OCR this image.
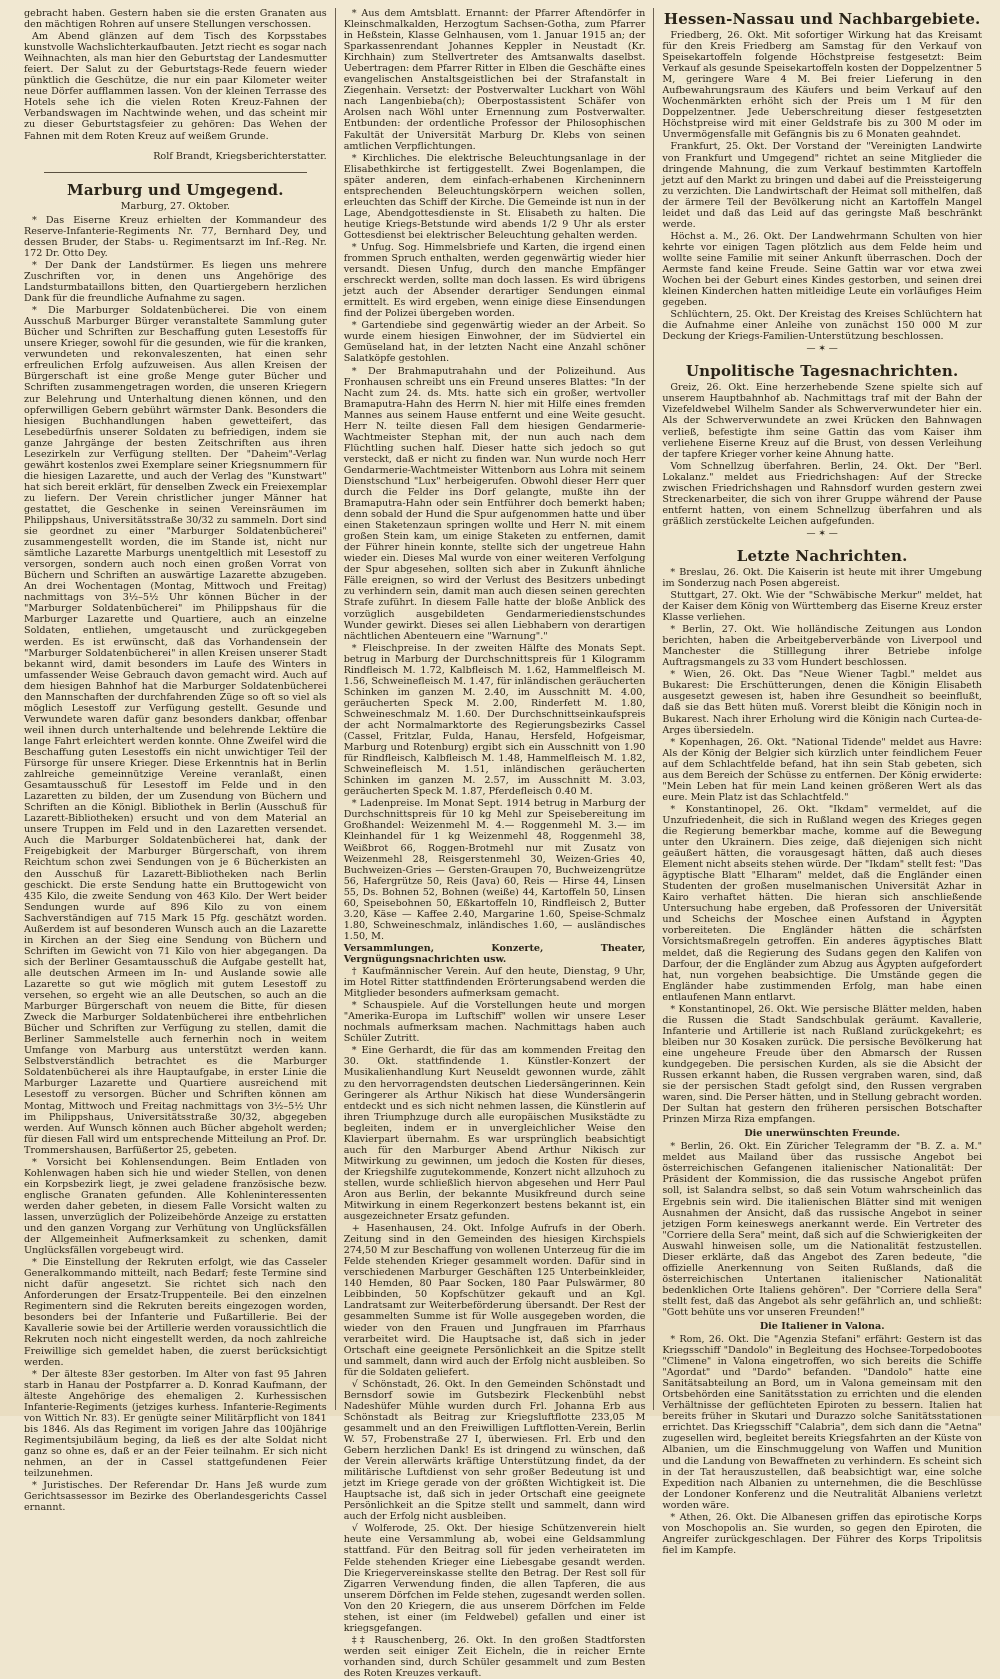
gebracht haben. Gestern haben sie die ersten Granaten aus den mächtigen Rohren auf unsere Stellungen verschossen.

Am Abend glänzen auf dem Tisch des Korpsstabes kunstvolle Wachslichterkaufbauten. Jetzt riecht es sogar nach Weihnachten, als man hier den Geburtstag der Landesmutter feiert. Der Salut zu der Geburtstags-Rede feuern wieder pünktlich die Geschütze, die nur ein paar Kilometer weiter neue Dörfer aufflammen lassen. Von der kleinen Terrasse des Hotels sehe ich die vielen Roten Kreuz-Fahnen der Verbandswagen im Nachtwinde wehen, und das scheint mir zu dieser Geburtstagsfeier zu gehören: Das Wehen der Fahnen mit dem Roten Kreuz auf weißem Grunde.

Rolf Brandt, Kriegsberichterstatter.

Marburg und Umgegend.
Marburg, 27. Oktober.

* Das Eiserne Kreuz erhielten der Kommandeur des Reserve-Infanterie-Regiments Nr. 77, Bernhard Dey, und dessen Bruder, der Stabs- u. Regimentsarzt im Inf.-Reg. Nr. 172 Dr. Otto Dey.

* Der Dank der Landstürmer. Es liegen uns mehrere Zuschriften vor, in denen uns Angehörige des Landsturmbataillons bitten, den Quartiergebern herzlichen Dank für die freundliche Aufnahme zu sagen.

* Die Marburger Soldatenbücherei. Die von einem Ausschuß Marburger Bürger veranstaltete Sammlung guter Bücher und Schriften zur Beschaffung guten Lesestoffs für unsere Krieger, sowohl für die gesunden, wie für die kranken, verwundeten und rekonvaleszenten, hat einen sehr erfreulichen Erfolg aufzuweisen. Aus allen Kreisen der Bürgerschaft ist eine große Menge guter Bücher und Schriften zusammengetragen worden, die unseren Kriegern zur Belehrung und Unterhaltung dienen können, und den opferwilligen Gebern gebührt wärmster Dank. Besonders die hiesigen Buchhandlungen haben gewetteifert, das Lesebedürfnis unserer Soldaten zu befriedigen, indem sie ganze Jahrgänge der besten Zeitschriften aus ihren Lesezirkeln zur Verfügung stellten. Der "Daheim"-Verlag gewährt kostenlos zwei Exemplare seiner Kriegsnummern für die hiesigen Lazarette, und auch der Verlag des "Kunstwart" hat sich bereit erklärt, für denselben Zweck ein Freiexemplar zu liefern. Der Verein christlicher junger Männer hat gestattet, die Geschenke in seinen Vereinsräumen im Philippshaus, Universitätsstraße 30/32 zu sammeln. Dort sind sie geordnet zu einer "Marburger Soldatenbücherei" zusammengestellt worden, die im Stande ist, nicht nur sämtliche Lazarette Marburgs unentgeltlich mit Lesestoff zu versorgen, sondern auch noch einen großen Vorrat von Büchern und Schriften an auswärtige Lazarette abzugeben. An drei Wochentagen (Montag, Mittwoch und Freitag) nachmittags von 3½–5½ Uhr können Bücher in der "Marburger Soldatenbücherei" im Philippshaus für die Marburger Lazarette und Quartiere, auch an einzelne Soldaten, entliehen, umgetauscht und zurückgegeben werden. Es ist erwünscht, daß das Vorhandensein der "Marburger Soldatenbücherei" in allen Kreisen unserer Stadt bekannt wird, damit besonders im Laufe des Winters in umfassender Weise Gebrauch davon gemacht wird. Auch auf dem hiesigen Bahnhof hat die Marburger Soldatenbücherei den Mannschaften der durchfahrenden Züge so oft so viel als möglich Lesestoff zur Verfügung gestellt. Gesunde und Verwundete waren dafür ganz besonders dankbar, offenbar weil ihnen durch unterhaltende und belehrende Lektüre die lange Fahrt erleichtert werden konnte. Ohne Zweifel wird die Beschaffung guten Lesestoffs ein nicht unwichtiger Teil der Fürsorge für unsere Krieger. Diese Erkenntnis hat in Berlin zahlreiche gemeinnützige Vereine veranlaßt, einen Gesamtausschuß für Lesestoff im Felde und in den Lazaretten zu bilden, der um Zusendung von Büchern und Schriften an die Königl. Bibliothek in Berlin (Ausschuß für Lazarett-Bibliotheken) ersucht und von dem Material an unsere Truppen im Feld und in den Lazaretten versendet. Auch die Marburger Soldatenbücherei hat, dank der Freigebigkeit der Marburger Bürgerschaft, von ihrem Reichtum schon zwei Sendungen von je 6 Bücherkisten an den Ausschuß für Lazarett-Bibliotheken nach Berlin geschickt. Die erste Sendung hatte ein Bruttogewicht von 435 Kilo, die zweite Sendung von 463 Kilo. Der Wert beider Sendungen wurde auf 896 Kilo zu von einem Sachverständigen auf 715 Mark 15 Pfg. geschätzt worden. Außerdem ist auf besonderen Wunsch auch an die Lazarette in Kirchen an der Sieg eine Sendung von Büchern und Schriften im Gewicht von 71 Kilo von hier abgegangen. Da sich der Berliner Gesamtausschuß die Aufgabe gestellt hat, alle deutschen Armeen im In- und Auslande sowie alle Lazarette so gut wie möglich mit gutem Lesestoff zu versehen, so ergeht wie an alle Deutschen, so auch an die Marburger Bürgerschaft von neuem die Bitte, für diesen Zweck die Marburger Soldatenbücherei ihre entbehrlichen Bücher und Schriften zur Verfügung zu stellen, damit die Berliner Sammelstelle auch fernerhin noch in weitem Umfange von Marburg aus unterstützt werden kann. Selbstverständlich betrachtet es die Marburger Soldatenbücherei als ihre Hauptaufgabe, in erster Linie die Marburger Lazarette und Quartiere ausreichend mit Lesestoff zu versorgen. Bücher und Schriften können am Montag, Mittwoch und Freitag nachmittags von 3½–5½ Uhr im Philippshaus, Universitätsstraße 30/32, abgegeben werden. Auf Wunsch können auch Bücher abgeholt werden; für diesen Fall wird um entsprechende Mitteilung an Prof. Dr. Trommershausen, Barfüßertor 25, gebeten.

* Vorsicht bei Kohlensendungen. Beim Entladen von Kohlenwagen haben sich hie und wieder Stellen, von denen ein Korpsbezirk liegt, je zwei geladene französische bezw. englische Granaten gefunden. Alle Kohleninteressenten werden daher gebeten, in diesem Falle Vorsicht walten zu lassen, unverzüglich der Polizeibehörde Anzeige zu erstatten und den ganzen Vorgang zur Verhütung von Unglücksfällen der Allgemeinheit Aufmerksamkeit zu schenken, damit Unglücksfällen vorgebeugt wird.

* Die Einstellung der Rekruten erfolgt, wie das Casseler Generalkommando mitteilt, nach Bedarf; feste Termine sind nicht dafür angesetzt. Sie richtet sich nach den Anforderungen der Ersatz-Truppenteile. Bei den einzelnen Regimentern sind die Rekruten bereits eingezogen worden, besonders bei der Infanterie und Fußartillerie. Bei der Kavallerie sowie bei der Artillerie werden voraussichtlich die Rekruten noch nicht eingestellt werden, da noch zahlreiche Freiwillige sich gemeldet haben, die zuerst berücksichtigt werden.

* Der älteste 83er gestorben. Im Alter von fast 95 Jahren starb in Hanau der Postpfarrer a. D. Konrad Kaufmann, der älteste Angehörige des ehemaligen 2. Kurhessischen Infanterie-Regiments (jetziges kurhess. Infanterie-Regiments von Wittich Nr. 83). Er genügte seiner Militärpflicht von 1841 bis 1846. Als das Regiment im vorigen Jahre das 100jährige Regimentsjubiläum beging, da ließ es der alte Soldat nicht ganz so ohne es, daß er an der Feier teilnahm. Er sich nicht nehmen, an der in Cassel stattgefundenen Feier teilzunehmen.

* Juristisches. Der Referendar Dr. Hans Jeß wurde zum Gerichtsassessor im Bezirke des Oberlandesgerichts Cassel ernannt.

* Aus dem Amtsblatt. Ernannt: der Pfarrer Aftendörfer in Kleinschmalkalden, Herzogtum Sachsen-Gotha, zum Pfarrer in Heßstein, Klasse Gelnhausen, vom 1. Januar 1915 an; der Sparkassenrendant Johannes Keppler in Neustadt (Kr. Kirchhain) zum Stellvertreter des Amtsanwalts daselbst. Uebertragen: dem Pfarrer Ritter in Elben die Geschäfte eines evangelischen Anstaltsgeistlichen bei der Strafanstalt in Ziegenhain. Versetzt: der Postverwalter Luckhart von Wöhl nach Langenbieba(ch); Oberpostassistent Schäfer von Arolsen nach Wöhl unter Ernennung zum Postverwalter. Entbunden: der ordentliche Professor der Philosophischen Fakultät der Universität Marburg Dr. Klebs von seinen amtlichen Verpflichtungen.

* Kirchliches. Die elektrische Beleuchtungsanlage in der Elisabethkirche ist fertiggestellt. Zwei Bogenlampen, die später anderen, dem einfach-erhabenen Kircheninnern entsprechenden Beleuchtungskörpern weichen sollen, erleuchten das Schiff der Kirche. Die Gemeinde ist nun in der Lage, Abendgottesdienste in St. Elisabeth zu halten. Die heutige Kriegs-Betstunde wird abends 1/2 9 Uhr als erster Gottesdienst bei elektrischer Beleuchtung gehalten werden.

* Unfug. Sog. Himmelsbriefe und Karten, die irgend einen frommen Spruch enthalten, werden gegenwärtig wieder hier versandt. Diesen Unfug, durch den manche Empfänger erschreckt werden, sollte man doch lassen. Es wird übrigens jetzt auch der Absender derartiger Sendungen einmal ermittelt. Es wird ergeben, wenn einige diese Einsendungen find der Polizei übergeben worden.

* Gartendiebe sind gegenwärtig wieder an der Arbeit. So wurde einem hiesigen Einwohner, der im Südviertel ein Gemüseland hat, in der letzten Nacht eine Anzahl schöner Salatköpfe gestohlen.

* Der Brahmaputrahahn und der Polizeihund. Aus Fronhausen schreibt uns ein Freund unseres Blattes: "In der Nacht zum 24. ds. Mts. hatte sich ein großer, wertvoller Bramaputra-Hahn des Herrn N. hier mit Hilfe eines fremden Mannes aus seinem Hause entfernt und eine Weite gesucht. Herr N. teilte diesen Fall dem hiesigen Gendarmerie-Wachtmeister Stephan mit, der nun auch nach dem Flüchtling suchen half. Dieser hatte sich jedoch so gut versteckt, daß er nicht zu finden war. Nun wurde noch Herr Gendarmerie-Wachtmeister Wittenborn aus Lohra mit seinem Dienstschund "Lux" herbeigerufen. Obwohl dieser Herr quer durch die Felder ins Dorf gelangte, mußte ihn der Bramaputra-Hahn oder sein Entführer doch bemerkt haben; denn sobald der Hund die Spur aufgenommen hatte und über einen Staketenzaun springen wollte und Herr N. mit einem großen Stein kam, um einige Staketen zu entfernen, damit der Führer hinein konnte, stellte sich der ungetreue Hahn wieder ein. Dieses Mal wurde von einer weiteren Verfolgung der Spur abgesehen, sollten sich aber in Zukunft ähnliche Fälle ereignen, so wird der Verlust des Besitzers unbedingt zu verhindern sein, damit man auch diesen seinen gerechten Strafe zuführt. In diesem Falle hatte der bloße Anblick des vorzüglich ausgebildeten Gendarmeriedienstschundes Wunder gewirkt. Dieses sei allen Liebhabern von derartigen nächtlichen Abenteuern eine "Warnung"."

* Fleischpreise. In der zweiten Hälfte des Monats Sept. betrug in Marburg der Durchschnittspreis für 1 Kilogramm Rindfleisch M. 1.72, Kalbfleisch M. 1.62, Hammelfleisch M. 1.56, Schweinefleisch M. 1.47, für inländischen geräucherten Schinken im ganzen M. 2.40, im Ausschnitt M. 4.00, geräucherten Speck M. 2.00, Rinderfett M. 1.80, Schweineschmalz M. 1.60. Der Durchschnittseinkaufspreis der acht Normalmarktorte des Regierungsbezirks Cassel (Cassel, Fritzlar, Fulda, Hanau, Hersfeld, Hofgeismar, Marburg und Rotenburg) ergibt sich ein Ausschnitt von 1.90 für Rindfleisch, Kalbfleisch M. 1.48, Hammelfleisch M. 1.82, Schweinefleisch M. 1.51, inländischen geräucherten Schinken im ganzen M. 2.57, im Ausschnitt M. 3.03, geräucherten Speck M. 1.87, Pferdefleisch 0.40 M.

* Ladenpreise. Im Monat Sept. 1914 betrug in Marburg der Durchschnittspreis für 10 kg Mehl zur Speisebereitung im Großhandel: Weizenmehl M. 4.— Roggenmehl M. 3.— im Kleinhandel für 1 kg Weizenmehl 48, Roggenmehl 38, Weißbrot 66, Roggen-Brotmehl nur mit Zusatz von Weizenmehl 28, Reisgerstenmehl 30, Weizen-Gries 40, Buchweizen-Gries — Gersten-Graupen 70, Buchweizengrütze 56, Hafergrütze 50, Reis (Java) 60, Reis — Hirse 44, Linsen 55, Ds. Bohnen 52, Bohnen (weiße) 44, Kartoffeln 50, Linsen 60, Speisebohnen 50, Eßkartoffeln 10, Rindfleisch 2, Butter 3.20, Käse — Kaffee 2.40, Margarine 1.60, Speise-Schmalz 1.80, Schweineschmalz, inländisches 1.60, — ausländisches 1.50, M.

Versammlungen, Konzerte, Theater, Vergnügungsnachrichten usw.

† Kaufmännischer Verein. Auf den heute, Dienstag, 9 Uhr, im Hotel Ritter stattfindenden Erörterungsabend werden die Mitglieder besonders aufmerksam gemacht.

* Schauspiele. Auf die Vorstellungen heute und morgen "Amerika-Europa im Luftschiff" wollen wir unsere Leser nochmals aufmerksam machen. Nachmittags haben auch Schüler Zutritt.

* Eine Gerhardt, die für das am kommenden Freitag den 30. Okt. stattfindende 1. Künstler-Konzert der Musikalienhandlung Kurt Neuseldt gewonnen wurde, zählt zu den hervorragendsten deutschen Liedersängerinnen. Kein Geringerer als Arthur Nikisch hat diese Wundersängerin entdeckt und es sich nicht nehmen lassen, die Künstlerin auf ihren Triumphzuge durch alle europäischen Musikstädte zu begleiten, indem er in unvergleichlicher Weise den Klavierpart übernahm. Es war ursprünglich beabsichtigt auch für den Marburger Abend Arthur Nikisch zur Mitwirkung zu gewinnen, um jedoch die Kosten für dieses, der Kriegshilfe zugutekommende, Konzert nicht allzuhoch zu stellen, wurde schließlich hiervon abgesehen und Herr Paul Aron aus Berlin, der bekannte Musikfreund durch seine Mitwirkung in einem Regerkonzert bestens bekannt ist, ein ausgezeichneter Ersatz gefunden.

+ Hasenhausen, 24. Okt. Infolge Aufrufs in der Oberh. Zeitung sind in den Gemeinden des hiesigen Kirchspiels 274,50 M zur Beschaffung von wollenen Unterzeug für die im Felde stehenden Krieger gesammelt worden. Dafür sind in verschiedenen Marburger Geschäften 125 Unterbeinkleider, 140 Hemden, 80 Paar Socken, 180 Paar Pulswärmer, 80 Leibbinden, 50 Kopfschützer gekauft und an Kgl. Landratsamt zur Weiterbeförderung übersandt. Der Rest der gesammelten Summe ist für Wolle ausgegeben worden, die wieder von den Frauen und Jungfrauen im Pfarrhaus verarbeitet wird. Die Hauptsache ist, daß sich in jeder Ortschaft eine geeignete Persönlichkeit an die Spitze stellt und sammelt, dann wird auch der Erfolg nicht ausbleiben. So für die Soldaten geliefert.

√ Schönstadt, 26. Okt. In den Gemeinden Schönstadt und Bernsdorf sowie im Gutsbezirk Fleckenbühl nebst Nadeshüfer Mühle wurden durch Frl. Johanna Erb aus Schönstadt als Beitrag zur Kriegsluftflotte 233,05 M gesammelt und an den Freiwilligen Luftflotten-Verein, Berlin W. 57, Frobenstraße 27 I, überwiesen. Frl. Erb und den Gebern herzlichen Dank! Es ist dringend zu wünschen, daß der Verein allerwärts kräftige Unterstützung findet, da der militärische Luftdienst von sehr großer Bedeutung ist und jetzt im Kriege gerade von der größten Wichtigkeit ist. Die Hauptsache ist, daß sich in jeder Ortschaft eine geeignete Persönlichkeit an die Spitze stellt und sammelt, dann wird auch der Erfolg nicht ausbleiben.

√ Wolferode, 25. Okt. Der hiesige Schützenverein hielt heute eine Versammlung ab, wobei eine Geldsammlung stattfand. Für den Beitrag soll für jeden verheirateten im Felde stehenden Krieger eine Liebesgabe gesandt werden. Die Kriegervereinskasse stellte den Betrag. Der Rest soll für Zigarren Verwendung finden, die allen Tapferen, die aus unserem Dörfchen im Felde stehen, zugesandt werden sollen. Von den 20 Kriegern, die aus unserem Dörfchen im Felde stehen, ist einer (im Feldwebel) gefallen und einer ist kriegsgefangen.

‡‡ Rauschenberg, 26. Okt. In den großen Stadtforsten werden seit einiger Zeit Eicheln, die in reicher Ernte vorhanden sind, durch Schüler gesammelt und zum Besten des Roten Kreuzes verkauft.

Hessen-Nassau und Nachbargebiete.

Friedberg, 26. Okt. Mit sofortiger Wirkung hat das Kreisamt für den Kreis Friedberg am Samstag für den Verkauf von Speisekartoffeln folgende Höchstpreise festgesetzt: Beim Verkauf als gesunde Speisekartoffeln kosten der Doppelzentner 5 M, geringere Ware 4 M. Bei freier Lieferung in den Aufbewahrungsraum des Käufers und beim Verkauf auf den Wochenmärkten erhöht sich der Preis um 1 M für den Doppelzentner. Jede Ueberschreitung dieser festgesetzten Höchstpreise wird mit einer Geldstrafe bis zu 300 M oder im Unvermögensfalle mit Gefängnis bis zu 6 Monaten geahndet.

Frankfurt, 25. Okt. Der Vorstand der "Vereinigten Landwirte von Frankfurt und Umgegend" richtet an seine Mitglieder die dringende Mahnung, die zum Verkauf bestimmten Kartoffeln jetzt auf den Markt zu bringen und dabei auf die Preissteigerung zu verzichten. Die Landwirtschaft der Heimat soll mithelfen, daß der ärmere Teil der Bevölkerung nicht an Kartoffeln Mangel leidet und daß das Leid auf das geringste Maß beschränkt werde.

Höchst a. M., 26. Okt. Der Landwehrmann Schulten von hier kehrte vor einigen Tagen plötzlich aus dem Felde heim und wollte seine Familie mit seiner Ankunft überraschen. Doch der Aermste fand keine Freude. Seine Gattin war vor etwa zwei Wochen bei der Geburt eines Kindes gestorben, und seinen drei kleinen Kinderchen hatten mitleidige Leute ein vorläufiges Heim gegeben.

Schlüchtern, 25. Okt. Der Kreistag des Kreises Schlüchtern hat die Aufnahme einer Anleihe von zunächst 150 000 M zur Deckung der Kriegs-Familien-Unterstützung beschlossen.

— ✶ —
Unpolitische Tagesnachrichten.

Greiz, 26. Okt. Eine herzerhebende Szene spielte sich auf unserem Hauptbahnhof ab. Nachmittags traf mit der Bahn der Vizefeldwebel Wilhelm Sander als Schwerverwundeter hier ein. Als der Schwerverwundete an zwei Krücken den Bahnwagen verließ, befestigte ihm seine Gattin das vom Kaiser ihm verliehene Eiserne Kreuz auf die Brust, von dessen Verleihung der tapfere Krieger vorher keine Ahnung hatte.

Vom Schnellzug überfahren. Berlin, 24. Okt. Der "Berl. Lokalanz." meldet aus Friedrichshagen: Auf der Strecke zwischen Friedrichshagen und Rahnsdorf wurden gestern zwei Streckenarbeiter, die sich von ihrer Gruppe während der Pause entfernt hatten, von einem Schnellzug überfahren und als gräßlich zerstückelte Leichen aufgefunden.

— ✶ —
Letzte Nachrichten.

* Breslau, 26. Okt. Die Kaiserin ist heute mit ihrer Umgebung im Sonderzug nach Posen abgereist.

Stuttgart, 27. Okt. Wie der "Schwäbische Merkur" meldet, hat der Kaiser dem König von Württemberg das Eiserne Kreuz erster Klasse verliehen.

* Berlin, 27. Okt. Wie holländische Zeitungen aus London berichten, haben die Arbeitgeberverbände von Liverpool und Manchester die Stilllegung ihrer Betriebe infolge Auftragsmangels zu 33 vom Hundert beschlossen.

* Wien, 26. Okt. Das "Neue Wiener Tagbl." meldet aus Bukarest: Die Erschütterungen, denen die Königin Elisabeth ausgesetzt gewesen ist, haben ihre Gesundheit so beeinflußt, daß sie das Bett hüten muß. Vorerst bleibt die Königin noch in Bukarest. Nach ihrer Erholung wird die Königin nach Curtea-de-Arges übersiedeln.

* Kopenhagen, 26. Okt. "National Tidende" meldet aus Havre: Als der König der Belgier sich kürzlich unter feindlichem Feuer auf dem Schlachtfelde befand, hat ihn sein Stab gebeten, sich aus dem Bereich der Schüsse zu entfernen. Der König erwiderte: "Mein Leben hat für mein Land keinen größeren Wert als das eure. Mein Platz ist das Schlachtfeld."

* Konstantinopel, 26. Okt. "Ikdam" vermeldet, auf die Unzufriedenheit, die sich in Rußland wegen des Krieges gegen die Regierung bemerkbar mache, komme auf die Bewegung unter den Ukrainern. Dies zeige, daß diejenigen sich nicht geäußert hätten, die vorausgesagt hätten, daß auch dieses Element nicht abseits stehen würde. Der "Ikdam" stellt fest: "Das ägyptische Blatt "Elharam" meldet, daß die Engländer einen Studenten der großen muselmanischen Universität Azhar in Kairo verhaftet hätten. Die hieran sich anschließende Untersuchung habe ergeben, daß Professoren der Universität und Scheichs der Moschee einen Aufstand in Ägypten vorbereiteten. Die Engländer hätten die schärfsten Vorsichtsmaßregeln getroffen. Ein anderes ägyptisches Blatt meldet, daß die Regierung des Sudans gegen den Kalifen von Darfour, der die Engländer zum Abzug aus Ägypten aufgefordert hat, nun vorgehen beabsichtige. Die Umstände gegen die Engländer habe zustimmenden Erfolg, man habe einen entlaufenen Mann entlarvt.

* Konstantinopel, 26. Okt. Wie persische Blätter melden, haben die Russen die Stadt Sandschbulak geräumt. Kavallerie, Infanterie und Artillerie ist nach Rußland zurückgekehrt; es bleiben nur 30 Kosaken zurück. Die persische Bevölkerung hat eine ungeheure Freude über den Abmarsch der Russen kundgegeben. Die persischen Kurden, als sie die Absicht der Russen erkannt haben, die Russen vergraben waren, sind, daß sie der persischen Stadt gefolgt sind, den Russen vergraben waren, sind. Die Perser hätten, und in Stellung gebracht worden. Der Sultan hat gestern den früheren persischen Botschafter Prinzen Mirza Riza empfangen.

Die unerwünschten Freunde.

* Berlin, 26. Okt. Ein Züricher Telegramm der "B. Z. a. M." meldet aus Mailand über das russische Angebot bei österreichischen Gefangenen italienischer Nationalität: Der Präsident der Kommission, die das russische Angebot prüfen soll, ist Salandra selbst, so daß sein Votum wahrscheinlich das Ergebnis sein wird. Die italienischen Blätter sind mit wenigen Ausnahmen der Ansicht, daß das russische Angebot in seiner jetzigen Form keineswegs anerkannt werde. Ein Vertreter des "Corriere della Sera" meint, daß sich auf die Schwierigkeiten der Auswahl hinweisen solle, um die Nationalität festzustellen. Dieser erklärte, daß das Angebot des Zaren bedeute, "die offizielle Anerkennung von Seiten Rußlands, daß die österreichischen Untertanen italienischer Nationalität bedenklichen Orte Italiens gehören". Der "Corriere della Sera" stellt fest, daß das Angebot als sehr gefährlich an, und schließt: "Gott behüte uns vor unseren Freunden!"

Die Italiener in Valona.

* Rom, 26. Okt. Die "Agenzia Stefani" erfährt: Gestern ist das Kriegsschiff "Dandolo" in Begleitung des Hochsee-Torpedobootes "Climene" in Valona eingetroffen, wo sich bereits die Schiffe "Agordat" und "Dardo" befanden. "Dandolo" hatte eine Sanitätsabteilung an Bord, um in Valona gemeinsam mit den Ortsbehörden eine Sanitätsstation zu errichten und die elenden Verhältnisse der geflüchteten Epiroten zu bessern. Italien hat bereits früher in Skutari und Durazzo solche Sanitätsstationen errichtet. Das Kriegsschiff "Calabria", dem sich dann die "Aetna" zugesellen wird, begleitet bereits Kriegsfahrten an der Küste von Albanien, um die Einschmuggelung von Waffen und Munition und die Landung von Bewaffneten zu verhindern. Es scheint sich in der Tat herauszustellen, daß beabsichtigt war, eine solche Expedition nach Albanien zu unternehmen, die die Beschlüsse der Londoner Konferenz und die Neutralität Albaniens verletzt worden wäre.

* Athen, 26. Okt. Die Albanesen griffen das epirotische Korps von Moschopolis an. Sie wurden, so gegen den Epiroten, die Angreifer zurückgeschlagen. Der Führer des Korps Tripolitsis fiel im Kampfe.
